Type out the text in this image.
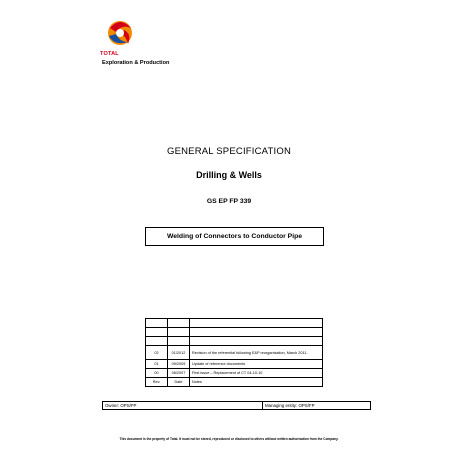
TOTAL
Exploration & Production
GENERAL SPECIFICATION
Drilling & Wells
GS EP FP 339
Welding of Connectors to Conductor Pipe

02	01/2012	Revision of the referential following E&P reorganisation, March 2011.
01	09/2009	Update of reference documents
00	06/2007	First issue – Replacement of CT 04-10-10
Rev.	Date	Notes
Owner: OPS/FP	Managing entity: OPS/FP
This document is the property of Total. It must not be stored, reproduced or disclosed to others without written authorisation from the Company.
